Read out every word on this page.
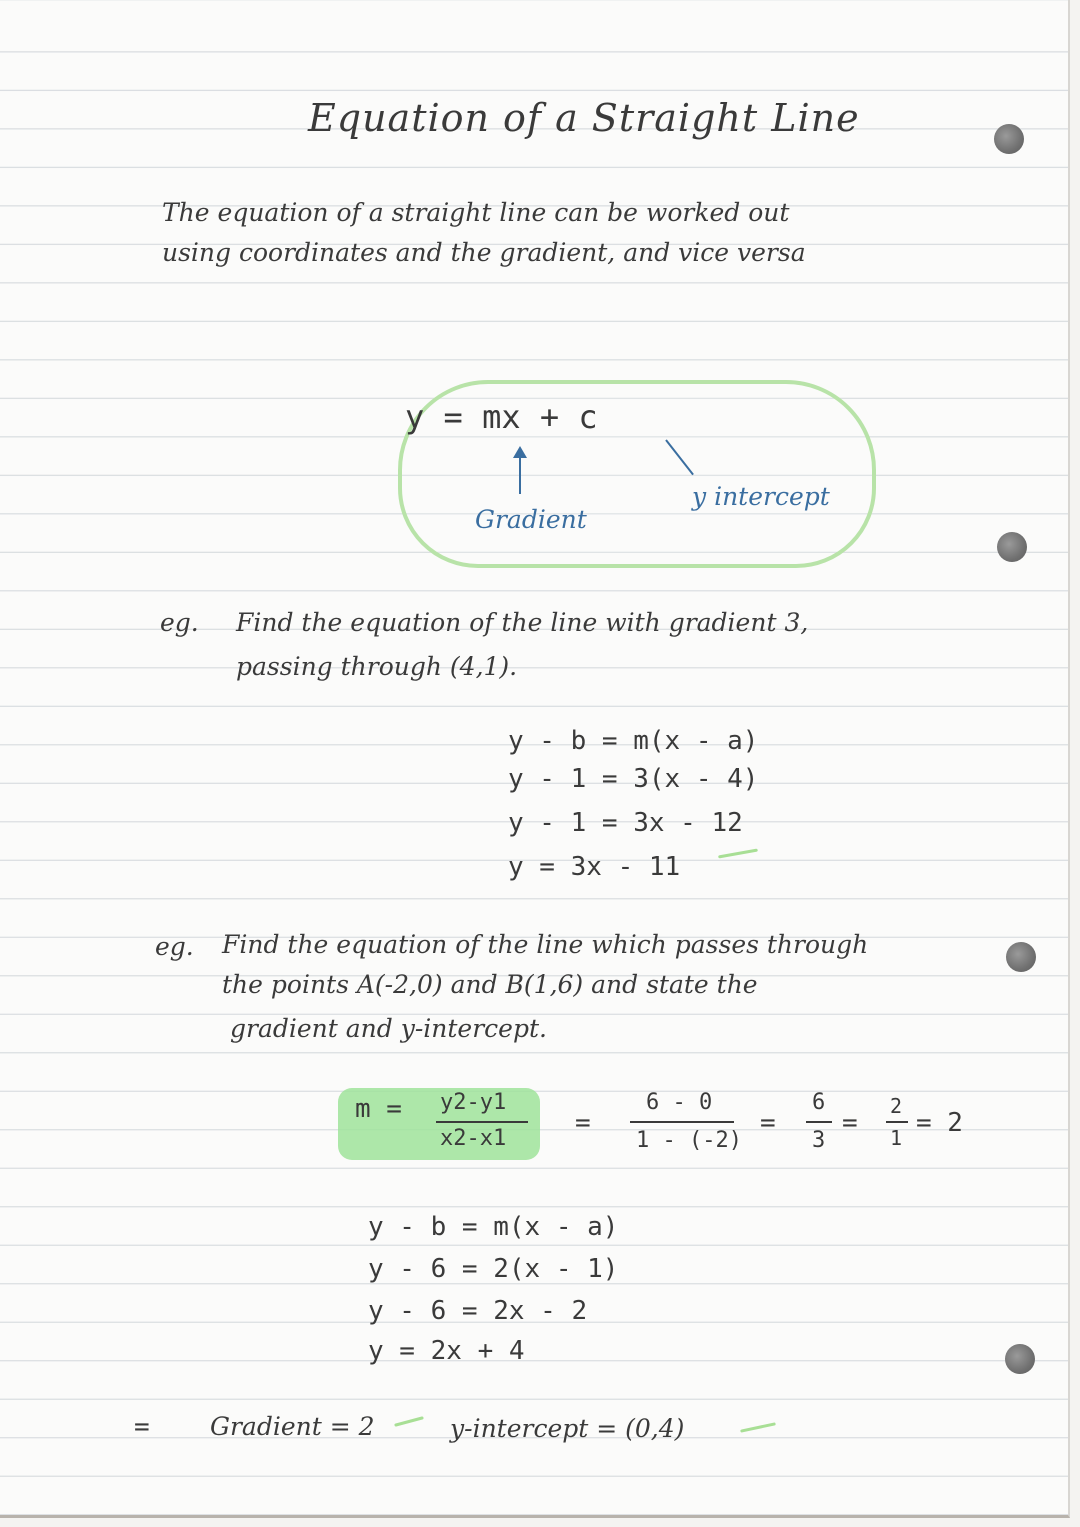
Equation of a Straight Line
The equation of a straight line can be worked out
using coordinates and the gradient, and vice versa
y = mx + c
Gradient
y intercept
eg. Find the equation of the line with gradient 3,
passing through (4,1).
y - b = m(x - a)
y - 1 = 3(x - 4)
y - 1 = 3x - 12
y = 3x - 11
eg. Find the equation of the line which passes through
the points A(-2,0) and B(1,6) and state the
gradient and y-intercept.
m = y2-y1
x2-x1
=
6 - 0
1 - (-2)
=
6
3
=
2
1 = 2
y - b = m(x - a)
y - 6 = 2(x - 1)
y - 6 = 2x - 2
y = 2x + 4
= Gradient = 2	y-intercept = (0,4)
